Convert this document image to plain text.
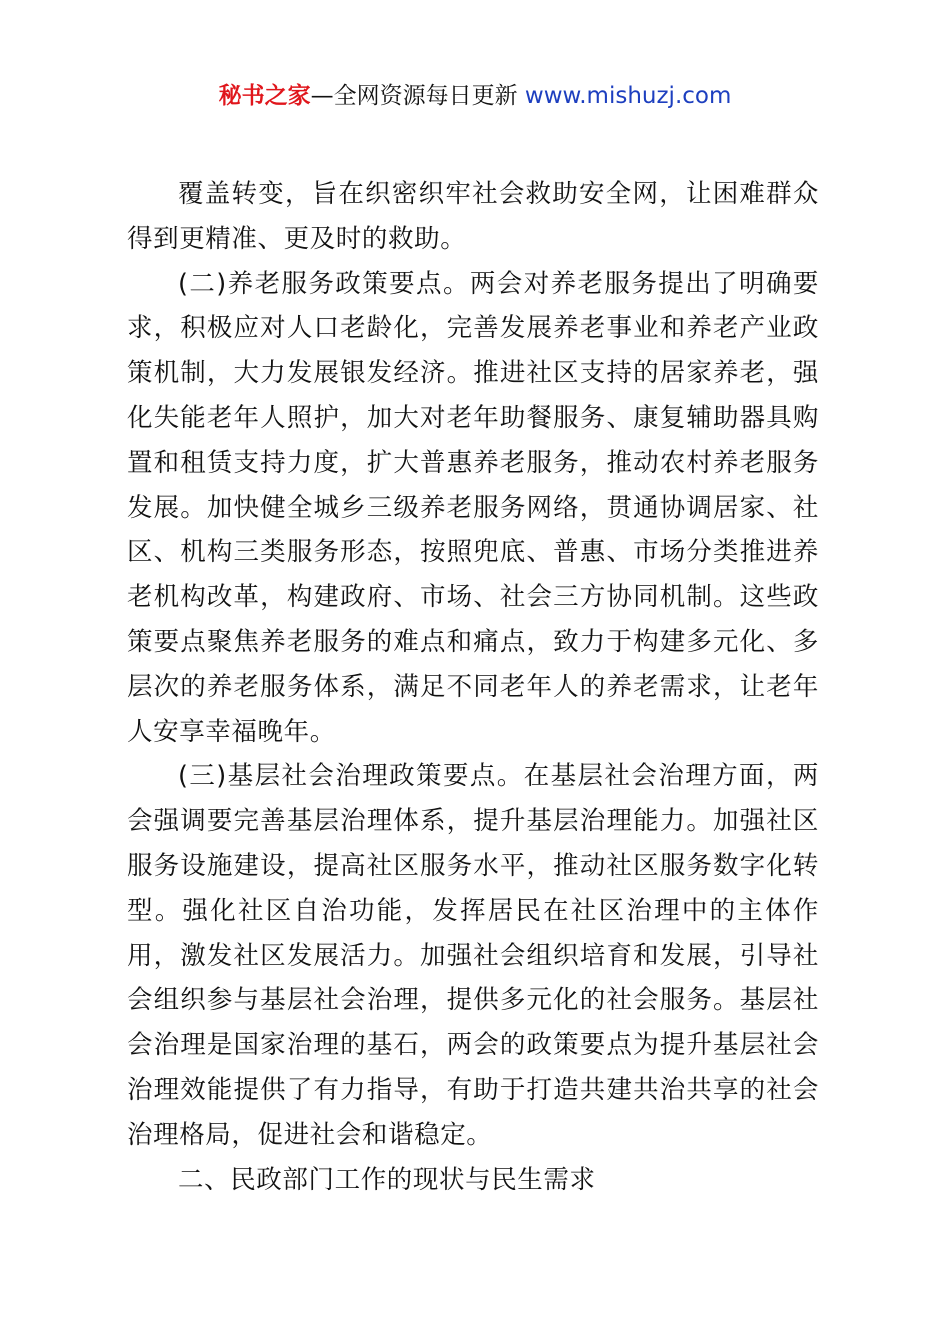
秘书之家—全网资源每日更新 www.mishuzj.com

覆盖转变，旨在织密织牢社会救助安全网，让困难群众得到更精准、更及时的救助。

(二)养老服务政策要点。两会对养老服务提出了明确要求，积极应对人口老龄化，完善发展养老事业和养老产业政策机制，大力发展银发经济。推进社区支持的居家养老，强化失能老年人照护，加大对老年助餐服务、康复辅助器具购置和租赁支持力度，扩大普惠养老服务，推动农村养老服务发展。加快健全城乡三级养老服务网络，贯通协调居家、社区、机构三类服务形态，按照兜底、普惠、市场分类推进养老机构改革，构建政府、市场、社会三方协同机制。这些政策要点聚焦养老服务的难点和痛点，致力于构建多元化、多层次的养老服务体系，满足不同老年人的养老需求，让老年人安享幸福晚年。

(三)基层社会治理政策要点。在基层社会治理方面，两会强调要完善基层治理体系，提升基层治理能力。加强社区服务设施建设，提高社区服务水平，推动社区服务数字化转型。强化社区自治功能，发挥居民在社区治理中的主体作用，激发社区发展活力。加强社会组织培育和发展，引导社会组织参与基层社会治理，提供多元化的社会服务。基层社会治理是国家治理的基石，两会的政策要点为提升基层社会治理效能提供了有力指导，有助于打造共建共治共享的社会治理格局，促进社会和谐稳定。

二、民政部门工作的现状与民生需求
